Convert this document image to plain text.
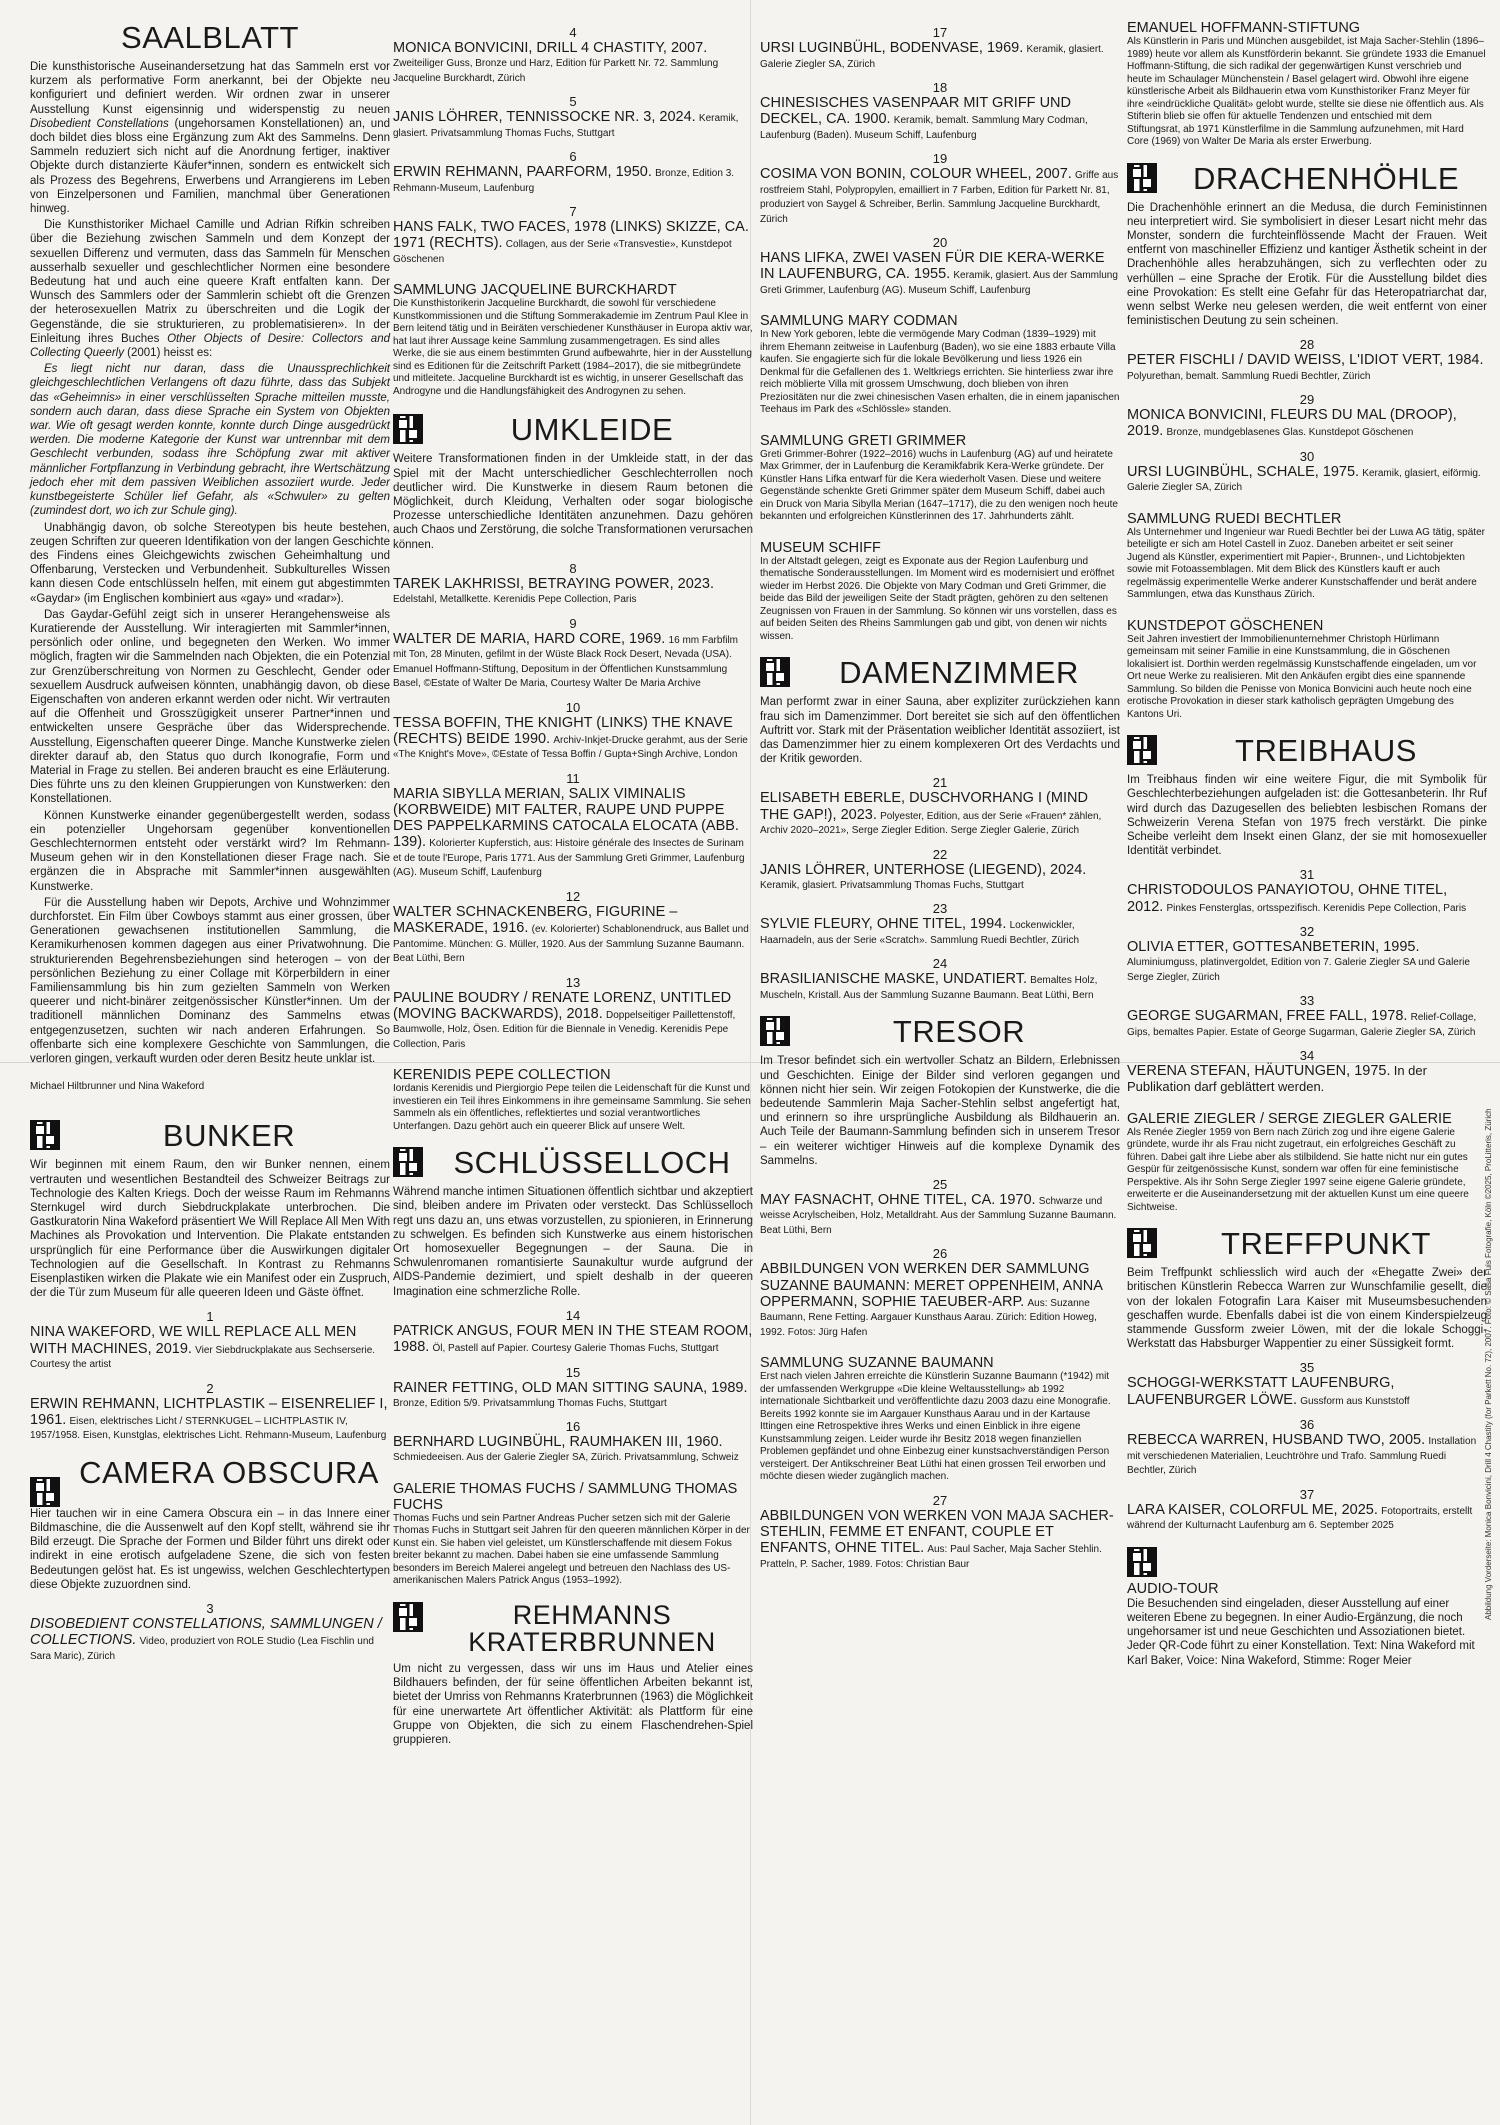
SAALBLATT

Die kunsthistorische Auseinandersetzung hat das Sammeln erst vor kurzem als performative Form anerkannt, bei der Objekte neu konfiguriert und definiert werden. Wir ordnen zwar in unserer Ausstellung Kunst eigensinnig und widerspenstig zu neuen Disobedient Constellations (ungehorsamen Konstellationen) an, und doch bildet dies bloss eine Ergänzung zum Akt des Sammelns. Denn Sammeln reduziert sich nicht auf die Anordnung fertiger, inaktiver Objekte durch distanzierte Käufer*innen, sondern es entwickelt sich als Prozess des Begehrens, Erwerbens und Arrangierens im Leben von Einzelpersonen und Familien, manchmal über Generationen hinweg.

Die Kunsthistoriker Michael Camille und Adrian Rifkin schreiben über die Beziehung zwischen Sammeln und dem Konzept der sexuellen Differenz und vermuten, dass das Sammeln für Menschen ausserhalb sexueller und geschlechtlicher Normen eine besondere Bedeutung hat und auch eine queere Kraft entfalten kann. Der Wunsch des Sammlers oder der Sammlerin schiebt oft die Grenzen der heterosexuellen Matrix zu überschreiten und die Logik der Gegenstände, die sie strukturieren, zu problematisieren». In der Einleitung ihres Buches Other Objects of Desire: Collectors and Collecting Queerly (2001) heisst es:

Es liegt nicht nur daran, dass die Unaussprechlichkeit gleichgeschlechtlichen Verlangens oft dazu führte, dass das Subjekt das «Geheimnis» in einer verschlüsselten Sprache mitteilen musste, sondern auch daran, dass diese Sprache ein System von Objekten war. Wie oft gesagt werden konnte, konnte durch Dinge ausgedrückt werden. Die moderne Kategorie der Kunst war untrennbar mit dem Geschlecht verbunden, sodass ihre Schöpfung zwar mit aktiver männlicher Fortpflanzung in Verbindung gebracht, ihre Wertschätzung jedoch eher mit dem passiven Weiblichen assoziiert wurde. Jeder kunstbegeisterte Schüler lief Gefahr, als «Schwuler» zu gelten (zumindest dort, wo ich zur Schule ging).

Unabhängig davon, ob solche Stereotypen bis heute bestehen, zeugen Schriften zur queeren Identifikation von der langen Geschichte des Findens eines Gleichgewichts zwischen Geheimhaltung und Offenbarung, Verstecken und Verbundenheit. Subkulturelles Wissen kann diesen Code entschlüsseln helfen, mit einem gut abgestimmten «Gaydar» (im Englischen kombiniert aus «gay» und «radar»).

Das Gaydar-Gefühl zeigt sich in unserer Herangehensweise als Kuratierende der Ausstellung. Wir interagierten mit Sammler*innen, persönlich oder online, und begegneten den Werken. Wo immer möglich, fragten wir die Sammelnden nach Objekten, die ein Potenzial zur Grenzüberschreitung von Normen zu Geschlecht, Gender oder sexuellem Ausdruck aufweisen könnten, unabhängig davon, ob diese Eigenschaften von anderen erkannt werden oder nicht. Wir vertrauten auf die Offenheit und Grosszügigkeit unserer Partner*innen und entwickelten unsere Gespräche über das Widersprechende. Ausstellung, Eigenschaften queerer Dinge. Manche Kunstwerke zielen direkter darauf ab, den Status quo durch Ikonografie, Form und Material in Frage zu stellen. Bei anderen braucht es eine Erläuterung. Dies führte uns zu den kleinen Gruppierungen von Kunstwerken: den Konstellationen.

Können Kunstwerke einander gegenübergestellt werden, sodass ein potenzieller Ungehorsam gegenüber konventionellen Geschlechternormen entsteht oder verstärkt wird? Im Rehmann-Museum gehen wir in den Konstellationen dieser Frage nach. Sie ergänzen die in Absprache mit Sammler*innen ausgewählten Kunstwerke.

Für die Ausstellung haben wir Depots, Archive und Wohnzimmer durchforstet. Ein Film über Cowboys stammt aus einer grossen, über Generationen gewachsenen institutionellen Sammlung, die Keramikurhenosen kommen dagegen aus einer Privatwohnung. Die strukturierenden Begehrensbeziehungen sind heterogen – von der persönlichen Beziehung zu einer Collage mit Körperbildern in einer Familiensammlung bis hin zum gezielten Sammeln von Werken queerer und nicht-binärer zeitgenössischer Künstler*innen. Um der traditionell männlichen Dominanz des Sammelns etwas entgegenzusetzen, suchten wir nach anderen Erfahrungen. So offenbarte sich eine komplexere Geschichte von Sammlungen, die verloren gingen, verkauft wurden oder deren Besitz heute unklar ist.

Michael Hiltbrunner und Nina Wakeford
BUNKER

Wir beginnen mit einem Raum, den wir Bunker nennen, einem vertrauten und wesentlichen Bestandteil des Schweizer Beitrags zur Technologie des Kalten Kriegs. Doch der weisse Raum im Rehmanns Sternkugel wird durch Siebdruckplakate unterbrochen. Die Gastkuratorin Nina Wakeford präsentiert We Will Replace All Men With Machines als Provokation und Intervention. Die Plakate entstanden ursprünglich für eine Performance über die Auswirkungen digitaler Technologien auf die Gesellschaft. In Kontrast zu Rehmanns Eisenplastiken wirken die Plakate wie ein Manifest oder ein Zuspruch, der die Tür zum Museum für alle queeren Ideen und Gäste öffnet.

1
NINA WAKEFORD, WE WILL REPLACE ALL MEN WITH MACHINES, 2019. Vier Siebdruckplakate aus Sechserserie. Courtesy the artist
2
ERWIN REHMANN, LICHTPLASTIK – EISENRELIEF I, 1961. Eisen, elektrisches Licht / STERNKUGEL – LICHTPLASTIK IV, 1957/1958. Eisen, Kunstglas, elektrisches Licht. Rehmann-Museum, Laufenburg
CAMERA OBSCURA

Hier tauchen wir in eine Camera Obscura ein – in das Innere einer Bildmaschine, die die Aussenwelt auf den Kopf stellt, während sie ihr Bild erzeugt. Die Sprache der Formen und Bilder führt uns direkt oder indirekt in eine erotisch aufgeladene Szene, die sich von festen Bedeutungen gelöst hat. Es ist ungewiss, welchen Geschlechtertypen diese Objekte zuzuordnen sind.

3
DISOBEDIENT CONSTELLATIONS, SAMMLUNGEN / COLLECTIONS. Video, produziert von ROLE Studio (Lea Fischlin und Sara Maric), Zürich
4
MONICA BONVICINI, DRILL 4 CHASTITY, 2007. Zweiteiliger Guss, Bronze und Harz, Edition für Parkett Nr. 72. Sammlung Jacqueline Burckhardt, Zürich
5
JANIS LÖHRER, TENNISSOCKE NR. 3, 2024. Keramik, glasiert. Privatsammlung Thomas Fuchs, Stuttgart
6
ERWIN REHMANN, PAARFORM, 1950. Bronze, Edition 3. Rehmann-Museum, Laufenburg
7
HANS FALK, TWO FACES, 1978 (LINKS) SKIZZE, CA. 1971 (RECHTS). Collagen, aus der Serie «Transvestie», Kunstdepot Göschenen
SAMMLUNG JACQUELINE BURCKHARDT

Die Kunsthistorikerin Jacqueline Burckhardt, die sowohl für verschiedene Kunstkommissionen und die Stiftung Sommerakademie im Zentrum Paul Klee in Bern leitend tätig und in Beiräten verschiedener Kunsthäuser in Europa aktiv war, hat laut ihrer Aussage keine Sammlung zusammengetragen. Es sind alles Werke, die sie aus einem bestimmten Grund aufbewahrte, hier in der Ausstellung sind es Editionen für die Zeitschrift Parkett (1984–2017), die sie mitbegründete und mitleitete. Jacqueline Burckhardt ist es wichtig, in unserer Gesellschaft das Androgyne und die Handlungsfähigkeit des Androgynen zu sehen.

UMKLEIDE

Weitere Transformationen finden in der Umkleide statt, in der das Spiel mit der Macht unterschiedlicher Geschlechterrollen noch deutlicher wird. Die Kunstwerke in diesem Raum betonen die Möglichkeit, durch Kleidung, Verhalten oder sogar biologische Prozesse unterschiedliche Identitäten anzunehmen. Dazu gehören auch Chaos und Zerstörung, die solche Transformationen verursachen können.

8
TAREK LAKHRISSI, BETRAYING POWER, 2023. Edelstahl, Metallkette. Kerenidis Pepe Collection, Paris
9
WALTER DE MARIA, HARD CORE, 1969. 16 mm Farbfilm mit Ton, 28 Minuten, gefilmt in der Wüste Black Rock Desert, Nevada (USA). Emanuel Hoffmann-Stiftung, Depositum in der Öffentlichen Kunstsammlung Basel, ©Estate of Walter De Maria, Courtesy Walter De Maria Archive
10
TESSA BOFFIN, THE KNIGHT (LINKS) THE KNAVE (RECHTS) BEIDE 1990. Archiv-Inkjet-Drucke gerahmt, aus der Serie «The Knight's Move», ©Estate of Tessa Boffin / Gupta+Singh Archive, London
11
MARIA SIBYLLA MERIAN, SALIX VIMINALIS (KORBWEIDE) MIT FALTER, RAUPE UND PUPPE DES PAPPELKARMINS CATOCALA ELOCATA (ABB. 139). Kolorierter Kupferstich, aus: Histoire générale des Insectes de Surinam et de toute l'Europe, Paris 1771. Aus der Sammlung Greti Grimmer, Laufenburg (AG). Museum Schiff, Laufenburg
12
WALTER SCHNACKENBERG, FIGURINE – MASKERADE, 1916. (ev. Kolorierter) Schablonendruck, aus Ballet und Pantomime. München: G. Müller, 1920. Aus der Sammlung Suzanne Baumann. Beat Lüthi, Bern
13
PAULINE BOUDRY / RENATE LORENZ, UNTITLED (MOVING BACKWARDS), 2018. Doppelseitiger Paillettenstoff, Baumwolle, Holz, Ösen. Edition für die Biennale in Venedig. Kerenidis Pepe Collection, Paris
KERENIDIS PEPE COLLECTION

Iordanis Kerenidis und Piergiorgio Pepe teilen die Leidenschaft für die Kunst und investieren ein Teil ihres Einkommens in ihre gemeinsame Sammlung. Sie sehen Sammeln als ein öffentliches, reflektiertes und sozial verantwortliches Unterfangen. Dazu gehört auch ein queerer Blick auf unsere Welt.

SCHLÜSSELLOCH

Während manche intimen Situationen öffentlich sichtbar und akzeptiert sind, bleiben andere im Privaten oder versteckt. Das Schlüsselloch regt uns dazu an, uns etwas vorzustellen, zu spionieren, in Erinnerung zu schwelgen. Es befinden sich Kunstwerke aus einem historischen Ort homosexueller Begegnungen – der Sauna. Die in Schwulenromanen romantisierte Saunakultur wurde aufgrund der AIDS-Pandemie dezimiert, und spielt deshalb in der queeren Imagination eine schmerzliche Rolle.

14
PATRICK ANGUS, FOUR MEN IN THE STEAM ROOM, 1988. Öl, Pastell auf Papier. Courtesy Galerie Thomas Fuchs, Stuttgart
15
RAINER FETTING, OLD MAN SITTING SAUNA, 1989. Bronze, Edition 5/9. Privatsammlung Thomas Fuchs, Stuttgart
16
BERNHARD LUGINBÜHL, RAUMHAKEN III, 1960. Schmiedeeisen. Aus der Galerie Ziegler SA, Zürich. Privatsammlung, Schweiz
GALERIE THOMAS FUCHS / SAMMLUNG THOMAS FUCHS

Thomas Fuchs und sein Partner Andreas Pucher setzen sich mit der Galerie Thomas Fuchs in Stuttgart seit Jahren für den queeren männlichen Körper in der Kunst ein. Sie haben viel geleistet, um Künstlerschaffende mit diesem Fokus breiter bekannt zu machen. Dabei haben sie eine umfassende Sammlung besonders im Bereich Malerei angelegt und betreuen den Nachlass des US-amerikanischen Malers Patrick Angus (1953–1992).

REHMANNS KRATERBRUNNEN

Um nicht zu vergessen, dass wir uns im Haus und Atelier eines Bildhauers befinden, der für seine öffentlichen Arbeiten bekannt ist, bietet der Umriss von Rehmanns Kraterbrunnen (1963) die Möglichkeit für eine unerwartete Art öffentlicher Aktivität: als Plattform für eine Gruppe von Objekten, die sich zu einem Flaschendrehen-Spiel gruppieren.

17
URSI LUGINBÜHL, BODENVASE, 1969. Keramik, glasiert. Galerie Ziegler SA, Zürich
18
CHINESISCHES VASENPAAR MIT GRIFF UND DECKEL, CA. 1900. Keramik, bemalt. Sammlung Mary Codman, Laufenburg (Baden). Museum Schiff, Laufenburg
19
COSIMA VON BONIN, COLOUR WHEEL, 2007. Griffe aus rostfreiem Stahl, Polypropylen, emailliert in 7 Farben, Edition für Parkett Nr. 81, produziert von Saygel & Schreiber, Berlin. Sammlung Jacqueline Burckhardt, Zürich
20
HANS LIFKA, ZWEI VASEN FÜR DIE KERA-WERKE IN LAUFENBURG, CA. 1955. Keramik, glasiert. Aus der Sammlung Greti Grimmer, Laufenburg (AG). Museum Schiff, Laufenburg
SAMMLUNG MARY CODMAN

In New York geboren, lebte die vermögende Mary Codman (1839–1929) mit ihrem Ehemann zeitweise in Laufenburg (Baden), wo sie eine 1883 erbaute Villa kaufen. Sie engagierte sich für die lokale Bevölkerung und liess 1926 ein Denkmal für die Gefallenen des 1. Weltkriegs errichten. Sie hinterliess zwar ihre reich möblierte Villa mit grossem Umschwung, doch blieben von ihren Preziositäten nur die zwei chinesischen Vasen erhalten, die in einem japanischen Teehaus im Park des «Schlössle» standen.

SAMMLUNG GRETI GRIMMER

Greti Grimmer-Bohrer (1922–2016) wuchs in Laufenburg (AG) auf und heiratete Max Grimmer, der in Laufenburg die Keramikfabrik Kera-Werke gründete. Der Künstler Hans Lifka entwarf für die Kera wiederholt Vasen. Diese und weitere Gegenstände schenkte Greti Grimmer später dem Museum Schiff, dabei auch ein Druck von Maria Sibylla Merian (1647–1717), die zu den wenigen noch heute bekannten und erfolgreichen Künstlerinnen des 17. Jahrhunderts zählt.

MUSEUM SCHIFF

In der Altstadt gelegen, zeigt es Exponate aus der Region Laufenburg und thematische Sonderausstellungen. Im Moment wird es modernisiert und eröffnet wieder im Herbst 2026. Die Objekte von Mary Codman und Greti Grimmer, die beide das Bild der jeweiligen Seite der Stadt prägten, gehören zu den seltenen Zeugnissen von Frauen in der Sammlung. So können wir uns vorstellen, dass es auf beiden Seiten des Rheins Sammlungen gab und gibt, von denen wir nichts wissen.

DAMENZIMMER

Man performt zwar in einer Sauna, aber expliziter zurückziehen kann frau sich im Damenzimmer. Dort bereitet sie sich auf den öffentlichen Auftritt vor. Stark mit der Präsentation weiblicher Identität assoziiert, ist das Damenzimmer hier zu einem komplexeren Ort des Verdachts und der Kritik geworden.

21
ELISABETH EBERLE, DUSCHVORHANG I (MIND THE GAP!), 2023. Polyester, Edition, aus der Serie «Frauen* zählen, Archiv 2020–2021», Serge Ziegler Edition. Serge Ziegler Galerie, Zürich
22
JANIS LÖHRER, UNTERHOSE (LIEGEND), 2024. Keramik, glasiert. Privatsammlung Thomas Fuchs, Stuttgart
23
SYLVIE FLEURY, OHNE TITEL, 1994. Lockenwickler, Haarnadeln, aus der Serie «Scratch». Sammlung Ruedi Bechtler, Zürich
24
BRASILIANISCHE MASKE, UNDATIERT. Bemaltes Holz, Muscheln, Kristall. Aus der Sammlung Suzanne Baumann. Beat Lüthi, Bern
TRESOR

Im Tresor befindet sich ein wertvoller Schatz an Bildern, Erlebnissen und Geschichten. Einige der Bilder sind verloren gegangen und können nicht hier sein. Wir zeigen Fotokopien der Kunstwerke, die die bedeutende Sammlerin Maja Sacher-Stehlin selbst angefertigt hat, und erinnern so ihre ursprüngliche Ausbildung als Bildhauerin an. Auch Teile der Baumann-Sammlung befinden sich in unserem Tresor – ein weiterer wichtiger Hinweis auf die komplexe Dynamik des Sammelns.

25
MAY FASNACHT, OHNE TITEL, CA. 1970. Schwarze und weisse Acrylscheiben, Holz, Metalldraht. Aus der Sammlung Suzanne Baumann. Beat Lüthi, Bern
26
ABBILDUNGEN VON WERKEN DER SAMMLUNG SUZANNE BAUMANN: MERET OPPENHEIM, ANNA OPPERMANN, SOPHIE TAEUBER-ARP. Aus: Suzanne Baumann, Rene Fetting. Aargauer Kunsthaus Aarau. Zürich: Edition Howeg, 1992. Fotos: Jürg Hafen
SAMMLUNG SUZANNE BAUMANN

Erst nach vielen Jahren erreichte die Künstlerin Suzanne Baumann (*1942) mit der umfassenden Werkgruppe «Die kleine Weltausstellung» ab 1992 internationale Sichtbarkeit und veröffentlichte dazu 2003 dazu eine Monografie. Bereits 1992 konnte sie im Aargauer Kunsthaus Aarau und in der Kartause Ittingen eine Retrospektive ihres Werks und einen Einblick in ihre eigene Kunstsammlung zeigen. Leider wurde ihr Besitz 2018 wegen finanziellen Problemen gepfändet und ohne Einbezug einer kunstsachverständigen Person versteigert. Der Antikschreiner Beat Lüthi hat einen grossen Teil erworben und möchte diesen wieder zugänglich machen.

27
ABBILDUNGEN VON WERKEN VON MAJA SACHER-STEHLIN, FEMME ET ENFANT, COUPLE ET ENFANTS, OHNE TITEL. Aus: Paul Sacher, Maja Sacher Stehlin. Pratteln, P. Sacher, 1989. Fotos: Christian Baur
EMANUEL HOFFMANN-STIFTUNG

Als Künstlerin in Paris und München ausgebildet, ist Maja Sacher-Stehlin (1896–1989) heute vor allem als Kunstförderin bekannt. Sie gründete 1933 die Emanuel Hoffmann-Stiftung, die sich radikal der gegenwärtigen Kunst verschrieb und heute im Schaulager Münchenstein / Basel gelagert wird. Obwohl ihre eigene künstlerische Arbeit als Bildhauerin etwa vom Kunsthistoriker Franz Meyer für ihre «eindrückliche Qualität» gelobt wurde, stellte sie diese nie öffentlich aus. Als Stifterin blieb sie offen für aktuelle Tendenzen und entschied mit dem Stiftungsrat, ab 1971 Künstlerfilme in die Sammlung aufzunehmen, mit Hard Core (1969) von Walter De Maria als erster Erwerbung.

DRACHENHÖHLE

Die Drachenhöhle erinnert an die Medusa, die durch Feministinnen neu interpretiert wird. Sie symbolisiert in dieser Lesart nicht mehr das Monster, sondern die furchteinflössende Macht der Frauen. Weit entfernt von maschineller Effizienz und kantiger Ästhetik scheint in der Drachenhöhle alles herabzuhängen, sich zu verflechten oder zu verhüllen – eine Sprache der Erotik. Für die Ausstellung bildet dies eine Provokation: Es stellt eine Gefahr für das Heteropatriarchat dar, wenn selbst Werke neu gelesen werden, die weit entfernt von einer feministischen Deutung zu sein scheinen.

28
PETER FISCHLI / DAVID WEISS, L'IDIOT VERT, 1984. Polyurethan, bemalt. Sammlung Ruedi Bechtler, Zürich
29
MONICA BONVICINI, FLEURS DU MAL (DROOP), 2019. Bronze, mundgeblasenes Glas. Kunstdepot Göschenen
30
URSI LUGINBÜHL, SCHALE, 1975. Keramik, glasiert, eiförmig. Galerie Ziegler SA, Zürich
SAMMLUNG RUEDI BECHTLER

Als Unternehmer und Ingenieur war Ruedi Bechtler bei der Luwa AG tätig, später beteiligte er sich am Hotel Castell in Zuoz. Daneben arbeitet er seit seiner Jugend als Künstler, experimentiert mit Papier-, Brunnen-, und Lichtobjekten sowie mit Fotoassemblagen. Mit dem Blick des Künstlers kauft er auch regelmässig experimentelle Werke anderer Kunstschaffender und berät andere Sammlungen, etwa das Kunsthaus Zürich.

KUNSTDEPOT GÖSCHENEN

Seit Jahren investiert der Immobilienunternehmer Christoph Hürlimann gemeinsam mit seiner Familie in eine Kunstsammlung, die in Göschenen lokalisiert ist. Dorthin werden regelmässig Kunstschaffende eingeladen, um vor Ort neue Werke zu realisieren. Mit den Ankäufen ergibt dies eine spannende Sammlung. So bilden die Penisse von Monica Bonvicini auch heute noch eine erotische Provokation in dieser stark katholisch geprägten Umgebung des Kantons Uri.

TREIBHAUS

Im Treibhaus finden wir eine weitere Figur, die mit Symbolik für Geschlechterbeziehungen aufgeladen ist: die Gottesanbeterin. Ihr Ruf wird durch das Dazugesellen des beliebten lesbischen Romans der Schweizerin Verena Stefan von 1975 frech verstärkt. Die pinke Scheibe verleiht dem Insekt einen Glanz, der sie mit homosexueller Identität verbindet.

31
CHRISTODOULOS PANAYIOTOU, OHNE TITEL, 2012. Pinkes Fensterglas, ortsspezifisch. Kerenidis Pepe Collection, Paris
32
OLIVIA ETTER, GOTTESANBETERIN, 1995. Aluminiumguss, platinvergoldet, Edition von 7. Galerie Ziegler SA und Galerie Serge Ziegler, Zürich
33
GEORGE SUGARMAN, FREE FALL, 1978. Relief-Collage, Gips, bemaltes Papier. Estate of George Sugarman, Galerie Ziegler SA, Zürich
34
VERENA STEFAN, HÄUTUNGEN, 1975. In der Publikation darf geblättert werden.
GALERIE ZIEGLER / SERGE ZIEGLER GALERIE

Als Renée Ziegler 1959 von Bern nach Zürich zog und ihre eigene Galerie gründete, wurde ihr als Frau nicht zugetraut, ein erfolgreiches Geschäft zu führen. Dabei galt ihre Liebe aber als stilbildend. Sie hatte nicht nur ein gutes Gespür für zeitgenössische Kunst, sondern war offen für eine feministische Perspektive. Als ihr Sohn Serge Ziegler 1997 seine eigene Galerie gründete, erweiterte er die Auseinandersetzung mit der aktuellen Kunst um eine queere Sichtweise.

TREFFPUNKT

Beim Treffpunkt schliesslich wird auch der «Ehegatte Zwei» der britischen Künstlerin Rebecca Warren zur Wunschfamilie gesellt, die von der lokalen Fotografin Lara Kaiser mit Museumsbesuchenden geschaffen wurde. Ebenfalls dabei ist die von einem Kinderspielzeug stammende Gussform zweier Löwen, mit der die lokale Schoggi-Werkstatt das Habsburger Wappentier zu einer Süssigkeit formt.

35
SCHOGGI-WERKSTATT LAUFENBURG, LAUFENBURGER LÖWE. Gussform aus Kunststoff
36
REBECCA WARREN, HUSBAND TWO, 2005. Installation mit verschiedenen Materialien, Leuchtröhre und Trafo. Sammlung Ruedi Bechtler, Zürich
37
LARA KAISER, COLORFUL ME, 2025. Fotoportraits, erstellt während der Kulturnacht Laufenburg am 6. September 2025
AUDIO-TOUR

Die Besuchenden sind eingeladen, dieser Ausstellung auf einer weiteren Ebene zu begegnen. In einer Audio-Ergänzung, die noch ungehorsamer ist und neue Geschichten und Assoziationen bietet. Jeder QR-Code führt zu einer Konstellation. Text: Nina Wakeford mit Karl Baker, Voice: Nina Wakeford, Stimme: Roger Meier

Abbildung Vorderseite: Monica Bonvicini, Drill 4 Chastity (for Parkett No. 72), 2007. Foto: © Saša Fuis Fotografie, Köln ©2025, ProLitteris, Zürich
